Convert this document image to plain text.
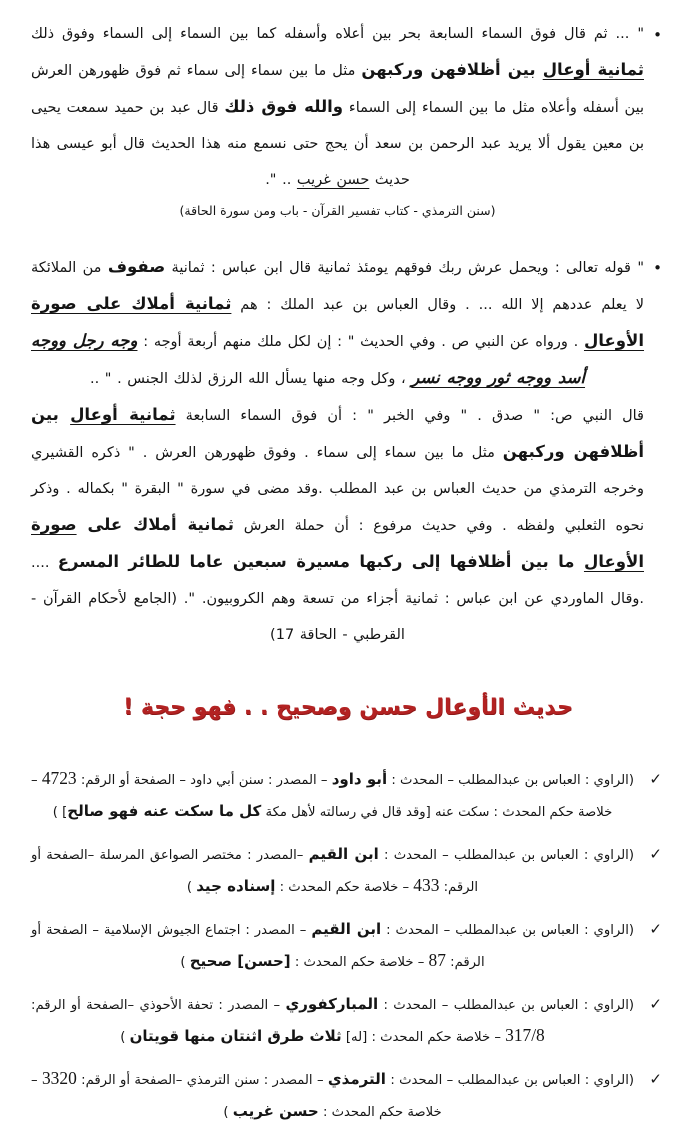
•
" ... ثم قال فوق السماء السابعة بحر بين أعلاه وأسفله كما بين السماء إلى السماء وفوق ذلك ثمانية أوعال بين أظلافهن وركبهن مثل ما بين سماء إلى سماء ثم فوق ظهورهن العرش بين أسفله وأعلاه مثل ما بين السماء إلى السماء والله فوق ذلك قال عبد بن حميد سمعت يحيى بن معين يقول ألا يريد عبد الرحمن بن سعد أن يحج حتى نسمع منه هذا الحديث قال أبو عيسى هذا حديث حسن غريب .. ".
(سنن الترمذي - كتاب تفسير القرآن - باب ومن سورة الحاقة)
•
" قوله تعالى : ويحمل عرش ربك فوقهم يومئذ ثمانية قال ابن عباس : ثمانية صفوف من الملائكة لا يعلم عددهم إلا الله ... . وقال العباس بن عبد الملك : هم ثمانية أملاك على صورة الأوعال . ورواه عن النبي ص . وفي الحديث " : إن لكل ملك منهم أربعة أوجه : وجه رجل ووجه أسد ووجه ثور ووجه نسر ، وكل وجه منها يسأل الله الرزق لذلك الجنس . " ..
قال النبي ص: " صدق . " وفي الخبر " : أن فوق السماء السابعة ثمانية أوعال بين أظلافهن وركبهن مثل ما بين سماء إلى سماء . وفوق ظهورهن العرش . " ذكره القشيري وخرجه الترمذي من حديث العباس بن عبد المطلب .وقد مضى في سورة " البقرة " بكماله . وذكر نحوه الثعلبي ولفظه . وفي حديث مرفوع : أن حملة العرش ثمانية أملاك على صورة الأوعال ما بين أظلافها إلى ركبها مسيرة سبعين عاما للطائر المسرع .... .وقال الماوردي عن ابن عباس : ثمانية أجزاء من تسعة وهم الكروبيون. ". (الجامع لأحكام القرآن - القرطبي - الحاقة 17)
حديث الأوعال حسن وصحيح . . فهو حجة !
✓
(الراوي : العباس بن عبدالمطلب – المحدث : أبو داود – المصدر : سنن أبي داود – الصفحة أو الرقم: 4723 – خلاصة حكم المحدث : سكت عنه [وقد قال في رسالته لأهل مكة كل ما سكت عنه فهو صالح] )
✓
(الراوي : العباس بن عبدالمطلب – المحدث : ابن القيم –المصدر : مختصر الصواعق المرسلة –الصفحة أو الرقم: 433 – خلاصة حكم المحدث : إسناده جيد )
✓
(الراوي : العباس بن عبدالمطلب – المحدث : ابن القيم – المصدر : اجتماع الجيوش الإسلامية – الصفحة أو الرقم: 87 – خلاصة حكم المحدث : [حسن] صحيح )
✓
(الراوي : العباس بن عبدالمطلب – المحدث : المباركفوري – المصدر : تحفة الأحوذي –الصفحة أو الرقم: 317/8 – خلاصة حكم المحدث : [له] ثلاث طرق اثنتان منها قويتان )
✓
(الراوي : العباس بن عبدالمطلب – المحدث : الترمذي – المصدر : سنن الترمذي –الصفحة أو الرقم: 3320 – خلاصة حكم المحدث : حسن غريب )
